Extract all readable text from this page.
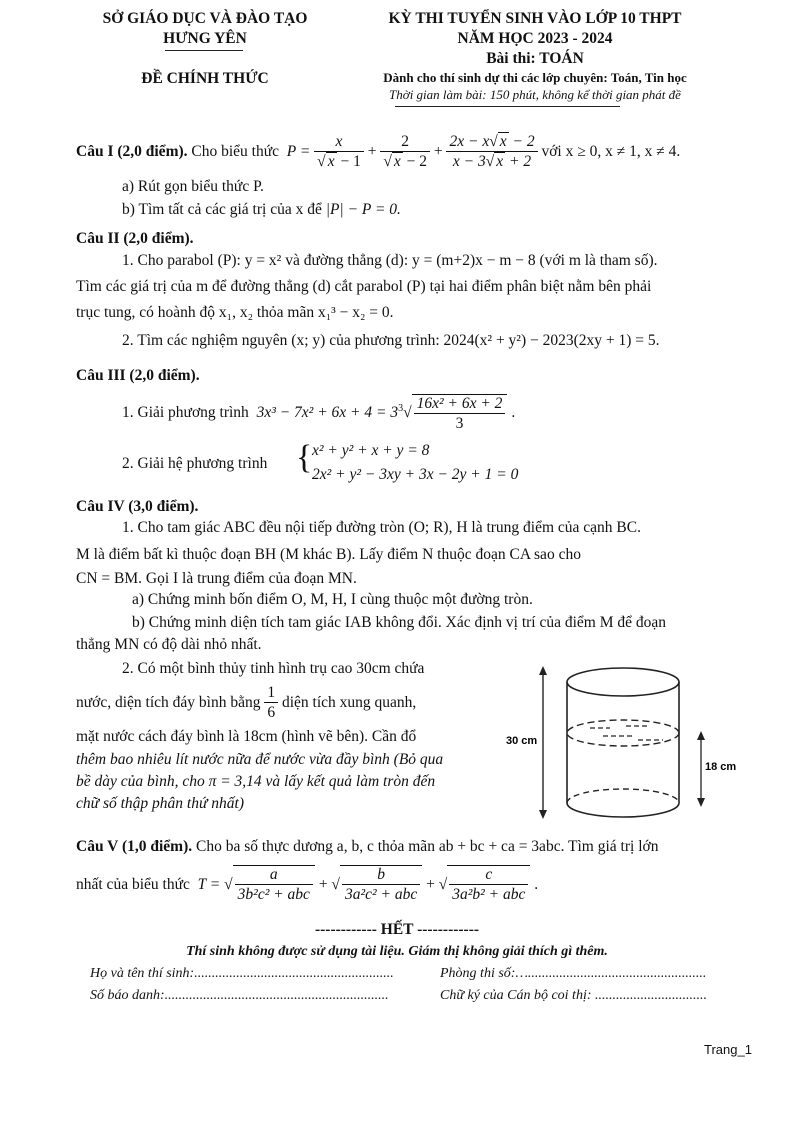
SỞ GIÁO DỤC VÀ ĐÀO TẠO
HƯNG YÊN
ĐỀ CHÍNH THỨC
KỲ THI TUYỂN SINH VÀO LỚP 10 THPT
NĂM HỌC 2023 - 2024
Bài thi: TOÁN
Dành cho thí sinh dự thi các lớp chuyên: Toán, Tin học
Thời gian làm bài: 150 phút, không kể thời gian phát đề
Câu I (2,0 điểm). Cho biểu thức  $P = \frac{x}{√ x - 1} + \frac{2}{√ x - 2} + \frac{2x - x√ x - 2}{x - 3√ x + 2}$ với x ≥ 0, x ≠ 1, x ≠ 4.
a) Rút gọn biểu thức P.
b) Tìm tất cả các giá trị của x để |P| − P = 0.
Câu II (2,0 điểm).
1. Cho parabol (P): y = x² và đường thẳng (d): y = (m+2)x − m − 8 (với m là tham số).
Tìm các giá trị của m để đường thẳng (d) cắt parabol (P) tại hai điểm phân biệt nằm bên phải
trục tung, có hoành độ x₁, x₂ thỏa mãn x₁³ − x₂ = 0.
2. Tìm các nghiệm nguyên (x; y) của phương trình: 2024(x² + y²) − 2023(2xy + 1) = 5.
Câu III (2,0 điểm).
1. Giải phương trình $3x^3 - 7x^2 + 6x + 4 = 3^3√ \frac{\text{16x² + 6x + 2}}{3}$ .
2. Giải hệ phương trình { x² + y² + x + y = 8
2x² + y² − 3xy + 3x − 2y + 1 = 0
Câu IV (3,0 điểm).
1. Cho tam giác ABC đều nội tiếp đường tròn (O; R), H là trung điểm của cạnh BC.
M là điểm bất kì thuộc đoạn BH (M khác B). Lấy điểm N thuộc đoạn CA sao cho
CN = BM. Gọi I là trung điểm của đoạn MN.
a) Chứng minh bốn điểm O, M, H, I cùng thuộc một đường tròn.
b) Chứng minh diện tích tam giác IAB không đổi. Xác định vị trí của điểm M để đoạn
thẳng MN có độ dài nhỏ nhất.
2. Có một bình thủy tinh hình trụ cao 30cm chứa
nước, diện tích đáy bình bằng $\frac{1}{6}$ diện tích xung quanh,
mặt nước cách đáy bình là 18cm (hình vẽ bên). Cần đổ
thêm bao nhiêu lít nước nữa để nước vừa đầy bình (Bỏ qua
bề dày của bình, cho π = 3,14 và lấy kết quả làm tròn đến
chữ số thập phân thứ nhất)
30 cm
18 cm
Câu V (1,0 điểm). Cho ba số thực dương a, b, c thỏa mãn ab + bc + ca = 3abc. Tìm giá trị lớn
nhất của biểu thức  T = √
a
3b²c² + abc
+ √
b
3a²c² + abc
+ √
c
3a²b² + abc
.
------------ HẾT ------------
Thí sinh không được sử dụng tài liệu. Giám thị không giải thích gì thêm.
Họ và tên thí sinh:.........................................................	Phòng thi số:…...................................................
Số báo danh:................................................................	Chữ ký của Cán bộ coi thị: ................................
Trang_1
